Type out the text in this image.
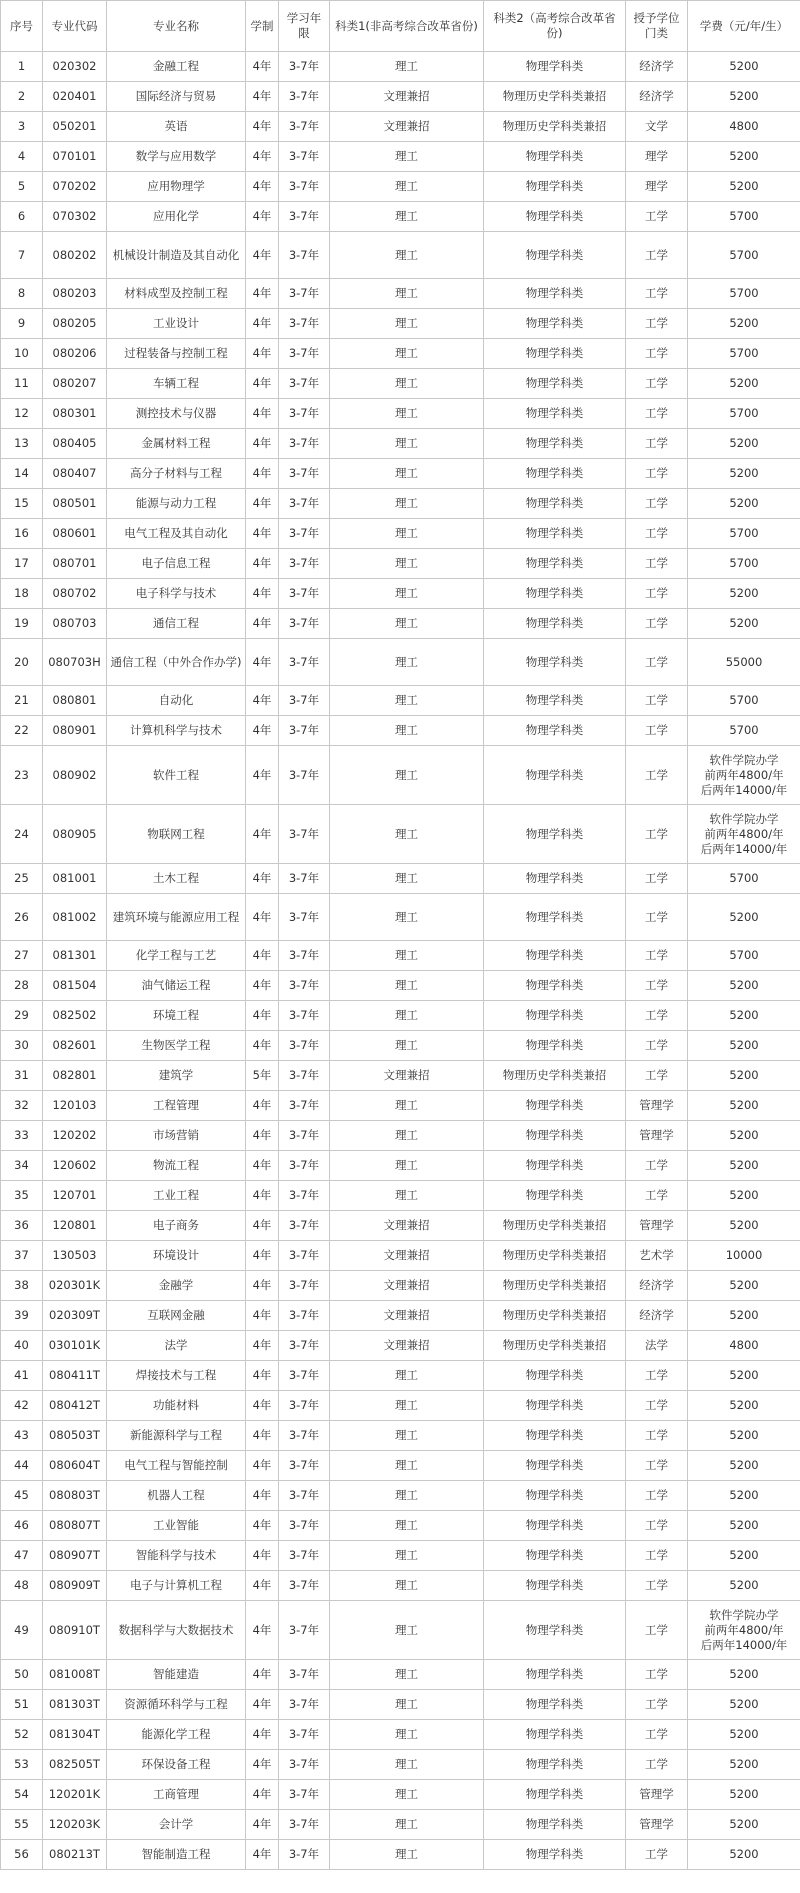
序号	专业代码	专业名称	学制	学习年限	科类1(非高考综合改革省份)	科类2（高考综合改革省份)	授予学位门类	学费（元/年/生）
1	020302	金融工程	4年	3-7年	理工	物理学科类	经济学	5200
2	020401	国际经济与贸易	4年	3-7年	文理兼招	物理历史学科类兼招	经济学	5200
3	050201	英语	4年	3-7年	文理兼招	物理历史学科类兼招	文学	4800
4	070101	数学与应用数学	4年	3-7年	理工	物理学科类	理学	5200
5	070202	应用物理学	4年	3-7年	理工	物理学科类	理学	5200
6	070302	应用化学	4年	3-7年	理工	物理学科类	工学	5700
7	080202	机械设计制造及其自动化	4年	3-7年	理工	物理学科类	工学	5700
8	080203	材料成型及控制工程	4年	3-7年	理工	物理学科类	工学	5700
9	080205	工业设计	4年	3-7年	理工	物理学科类	工学	5200
10	080206	过程装备与控制工程	4年	3-7年	理工	物理学科类	工学	5700
11	080207	车辆工程	4年	3-7年	理工	物理学科类	工学	5200
12	080301	测控技术与仪器	4年	3-7年	理工	物理学科类	工学	5700
13	080405	金属材料工程	4年	3-7年	理工	物理学科类	工学	5200
14	080407	高分子材料与工程	4年	3-7年	理工	物理学科类	工学	5200
15	080501	能源与动力工程	4年	3-7年	理工	物理学科类	工学	5200
16	080601	电气工程及其自动化	4年	3-7年	理工	物理学科类	工学	5700
17	080701	电子信息工程	4年	3-7年	理工	物理学科类	工学	5700
18	080702	电子科学与技术	4年	3-7年	理工	物理学科类	工学	5200
19	080703	通信工程	4年	3-7年	理工	物理学科类	工学	5200
20	080703H	通信工程（中外合作办学)	4年	3-7年	理工	物理学科类	工学	55000
21	080801	自动化	4年	3-7年	理工	物理学科类	工学	5700
22	080901	计算机科学与技术	4年	3-7年	理工	物理学科类	工学	5700
23	080902	软件工程	4年	3-7年	理工	物理学科类	工学	软件学院办学
前两年4800/年
后两年14000/年

24	080905	物联网工程	4年	3-7年	理工	物理学科类	工学	软件学院办学
前两年4800/年
后两年14000/年

25	081001	土木工程	4年	3-7年	理工	物理学科类	工学	5700
26	081002	建筑环境与能源应用工程	4年	3-7年	理工	物理学科类	工学	5200
27	081301	化学工程与工艺	4年	3-7年	理工	物理学科类	工学	5700
28	081504	油气储运工程	4年	3-7年	理工	物理学科类	工学	5200
29	082502	环境工程	4年	3-7年	理工	物理学科类	工学	5200
30	082601	生物医学工程	4年	3-7年	理工	物理学科类	工学	5200
31	082801	建筑学	5年	3-7年	文理兼招	物理历史学科类兼招	工学	5200
32	120103	工程管理	4年	3-7年	理工	物理学科类	管理学	5200
33	120202	市场营销	4年	3-7年	理工	物理学科类	管理学	5200
34	120602	物流工程	4年	3-7年	理工	物理学科类	工学	5200
35	120701	工业工程	4年	3-7年	理工	物理学科类	工学	5200
36	120801	电子商务	4年	3-7年	文理兼招	物理历史学科类兼招	管理学	5200
37	130503	环境设计	4年	3-7年	文理兼招	物理历史学科类兼招	艺术学	10000
38	020301K	金融学	4年	3-7年	文理兼招	物理历史学科类兼招	经济学	5200
39	020309T	互联网金融	4年	3-7年	文理兼招	物理历史学科类兼招	经济学	5200
40	030101K	法学	4年	3-7年	文理兼招	物理历史学科类兼招	法学	4800
41	080411T	焊接技术与工程	4年	3-7年	理工	物理学科类	工学	5200
42	080412T	功能材料	4年	3-7年	理工	物理学科类	工学	5200
43	080503T	新能源科学与工程	4年	3-7年	理工	物理学科类	工学	5200
44	080604T	电气工程与智能控制	4年	3-7年	理工	物理学科类	工学	5200
45	080803T	机器人工程	4年	3-7年	理工	物理学科类	工学	5200
46	080807T	工业智能	4年	3-7年	理工	物理学科类	工学	5200
47	080907T	智能科学与技术	4年	3-7年	理工	物理学科类	工学	5200
48	080909T	电子与计算机工程	4年	3-7年	理工	物理学科类	工学	5200
49	080910T	数据科学与大数据技术	4年	3-7年	理工	物理学科类	工学	软件学院办学
前两年4800/年
后两年14000/年

50	081008T	智能建造	4年	3-7年	理工	物理学科类	工学	5200
51	081303T	资源循环科学与工程	4年	3-7年	理工	物理学科类	工学	5200
52	081304T	能源化学工程	4年	3-7年	理工	物理学科类	工学	5200
53	082505T	环保设备工程	4年	3-7年	理工	物理学科类	工学	5200
54	120201K	工商管理	4年	3-7年	理工	物理学科类	管理学	5200
55	120203K	会计学	4年	3-7年	理工	物理学科类	管理学	5200
56	080213T	智能制造工程	4年	3-7年	理工	物理学科类	工学	5200
